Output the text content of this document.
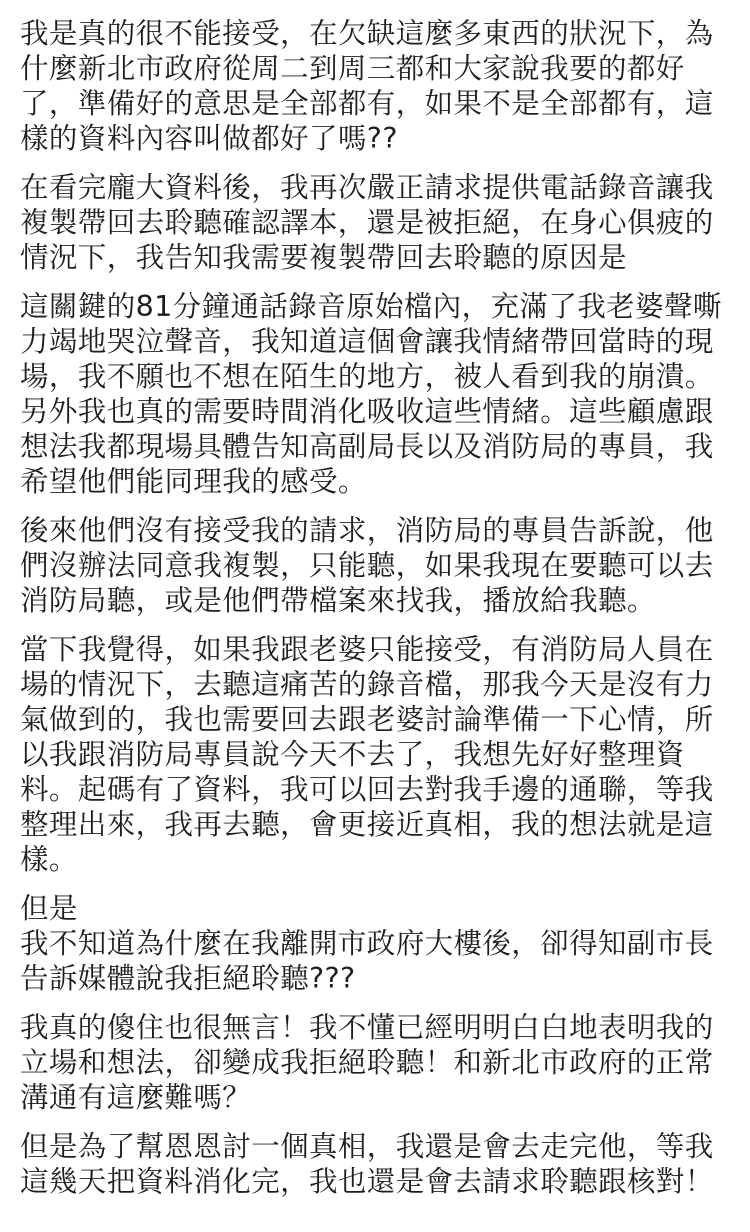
我是真的很不能接受，在欠缺這麼多東西的狀況下，為
什麼新北市政府從周二到周三都和大家說我要的都好
了，準備好的意思是全部都有，如果不是全部都有，這
樣的資料內容叫做都好了嗎??

在看完龐大資料後，我再次嚴正請求提供電話錄音讓我
複製帶回去聆聽確認譯本，還是被拒絕，在身心俱疲的
情況下，我告知我需要複製帶回去聆聽的原因是

這關鍵的81分鐘通話錄音原始檔內，充滿了我老婆聲嘶
力竭地哭泣聲音，我知道這個會讓我情緒帶回當時的現
場，我不願也不想在陌生的地方，被人看到我的崩潰。
另外我也真的需要時間消化吸收這些情緒。這些顧慮跟
想法我都現場具體告知高副局長以及消防局的專員，我
希望他們能同理我的感受。

後來他們沒有接受我的請求，消防局的專員告訴說，他
們沒辦法同意我複製，只能聽，如果我現在要聽可以去
消防局聽，或是他們帶檔案來找我，播放給我聽。

當下我覺得，如果我跟老婆只能接受，有消防局人員在
場的情況下，去聽這痛苦的錄音檔，那我今天是沒有力
氣做到的，我也需要回去跟老婆討論準備一下心情，所
以我跟消防局專員說今天不去了，我想先好好整理資
料。起碼有了資料，我可以回去對我手邊的通聯，等我
整理出來，我再去聽，會更接近真相，我的想法就是這
樣。

但是
我不知道為什麼在我離開市政府大樓後，卻得知副市長
告訴媒體說我拒絕聆聽???

我真的傻住也很無言！我不懂已經明明白白地表明我的
立場和想法，卻變成我拒絕聆聽！和新北市政府的正常
溝通有這麼難嗎？

但是為了幫恩恩討一個真相，我還是會去走完他，等我
這幾天把資料消化完，我也還是會去請求聆聽跟核對！
